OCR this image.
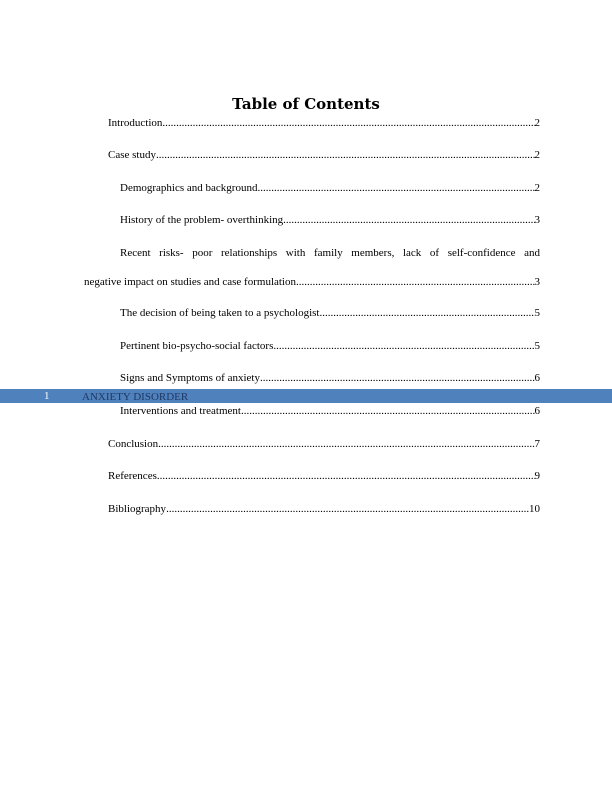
Table of Contents
Introduction .....	2
Case study .....	2
Demographics and background .....	2
History of the problem- overthinking .....	3
Recent risks- poor relationships with family members, lack of self-confidence and
negative impact on studies and case formulation .....	3
The decision of being taken to a psychologist .....	5
Pertinent bio-psycho-social factors .....	5
Signs and Symptoms of anxiety .....	6
1	ANXIETY DISORDER
Interventions and treatment .....	6
Conclusion .....	7
References .....	9
Bibliography .....	10
